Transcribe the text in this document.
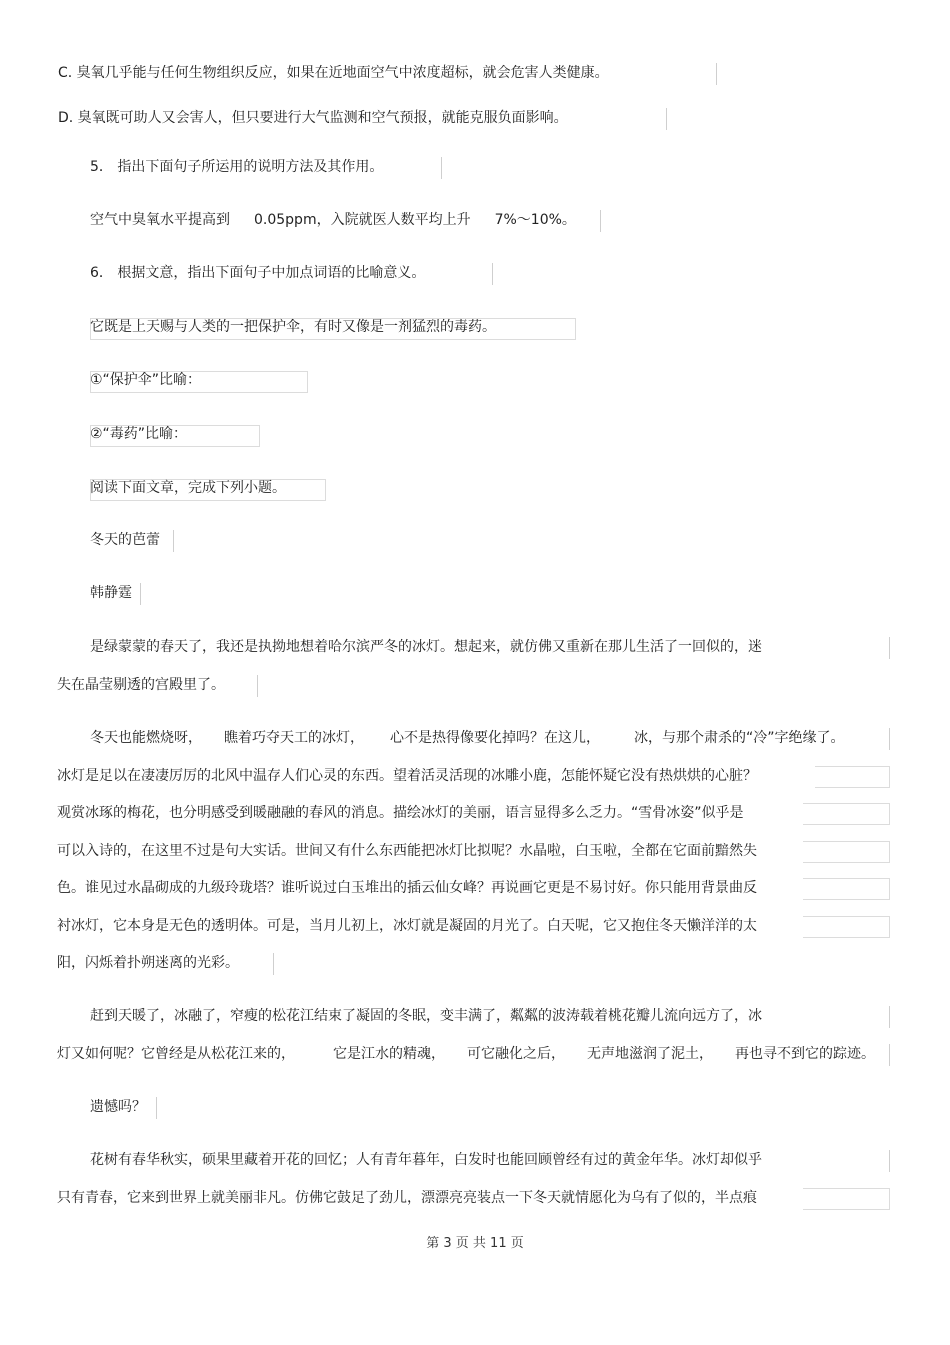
C. 臭氧几乎能与任何生物组织反应，如果在近地面空气中浓度超标，就会危害人类健康。
D. 臭氧既可助人又会害人，但只要进行大气监测和空气预报，就能克服负面影响。
5． 指出下面句子所运用的说明方法及其作用。
空气中臭氧水平提高到 0.05ppm，入院就医人数平均上升 7%～10%。
6． 根据文意，指出下面句子中加点词语的比喻意义。
它既是上天赐与人类的一把保护伞，有时又像是一剂猛烈的毒药。
①“保护伞”比喻：
②“毒药”比喻：
阅读下面文章，完成下列小题。
冬天的芭蕾
韩静霆
是绿蒙蒙的春天了，我还是执拗地想着哈尔滨严冬的冰灯。想起来，就仿佛又重新在那儿生活了一回似的，迷
失在晶莹剔透的宫殿里了。
冬天也能燃烧呀， 瞧着巧夺天工的冰灯， 心不是热得像要化掉吗？在这儿， 冰，与那个肃杀的“冷”字绝缘了。
冰灯是足以在凄凄厉厉的北风中温存人们心灵的东西。望着活灵活现的冰雕小鹿，怎能怀疑它没有热烘烘的心脏？
观赏冰琢的梅花，也分明感受到暖融融的春风的消息。描绘冰灯的美丽，语言显得多么乏力。“雪骨冰姿”似乎是
可以入诗的，在这里不过是句大实话。世间又有什么东西能把冰灯比拟呢？水晶啦，白玉啦，全都在它面前黯然失
色。谁见过水晶砌成的九级玲珑塔？谁听说过白玉堆出的插云仙女峰？再说画它更是不易讨好。你只能用背景曲反
衬冰灯，它本身是无色的透明体。可是，当月儿初上，冰灯就是凝固的月光了。白天呢，它又抱住冬天懒洋洋的太
阳，闪烁着扑朔迷离的光彩。
赶到天暖了，冰融了，窄瘦的松花江结束了凝固的冬眠，变丰满了，粼粼的波涛载着桃花瓣儿流向远方了，冰
灯又如何呢？它曾经是从松花江来的，	它是江水的精魂， 可它融化之后， 无声地滋润了泥土， 再也寻不到它的踪迹。
遗憾吗？
花树有春华秋实，硕果里藏着开花的回忆；人有青年暮年，白发时也能回顾曾经有过的黄金年华。冰灯却似乎
只有青春，它来到世界上就美丽非凡。仿佛它鼓足了劲儿，漂漂亮亮装点一下冬天就情愿化为乌有了似的，半点痕
第 3 页 共 11 页
